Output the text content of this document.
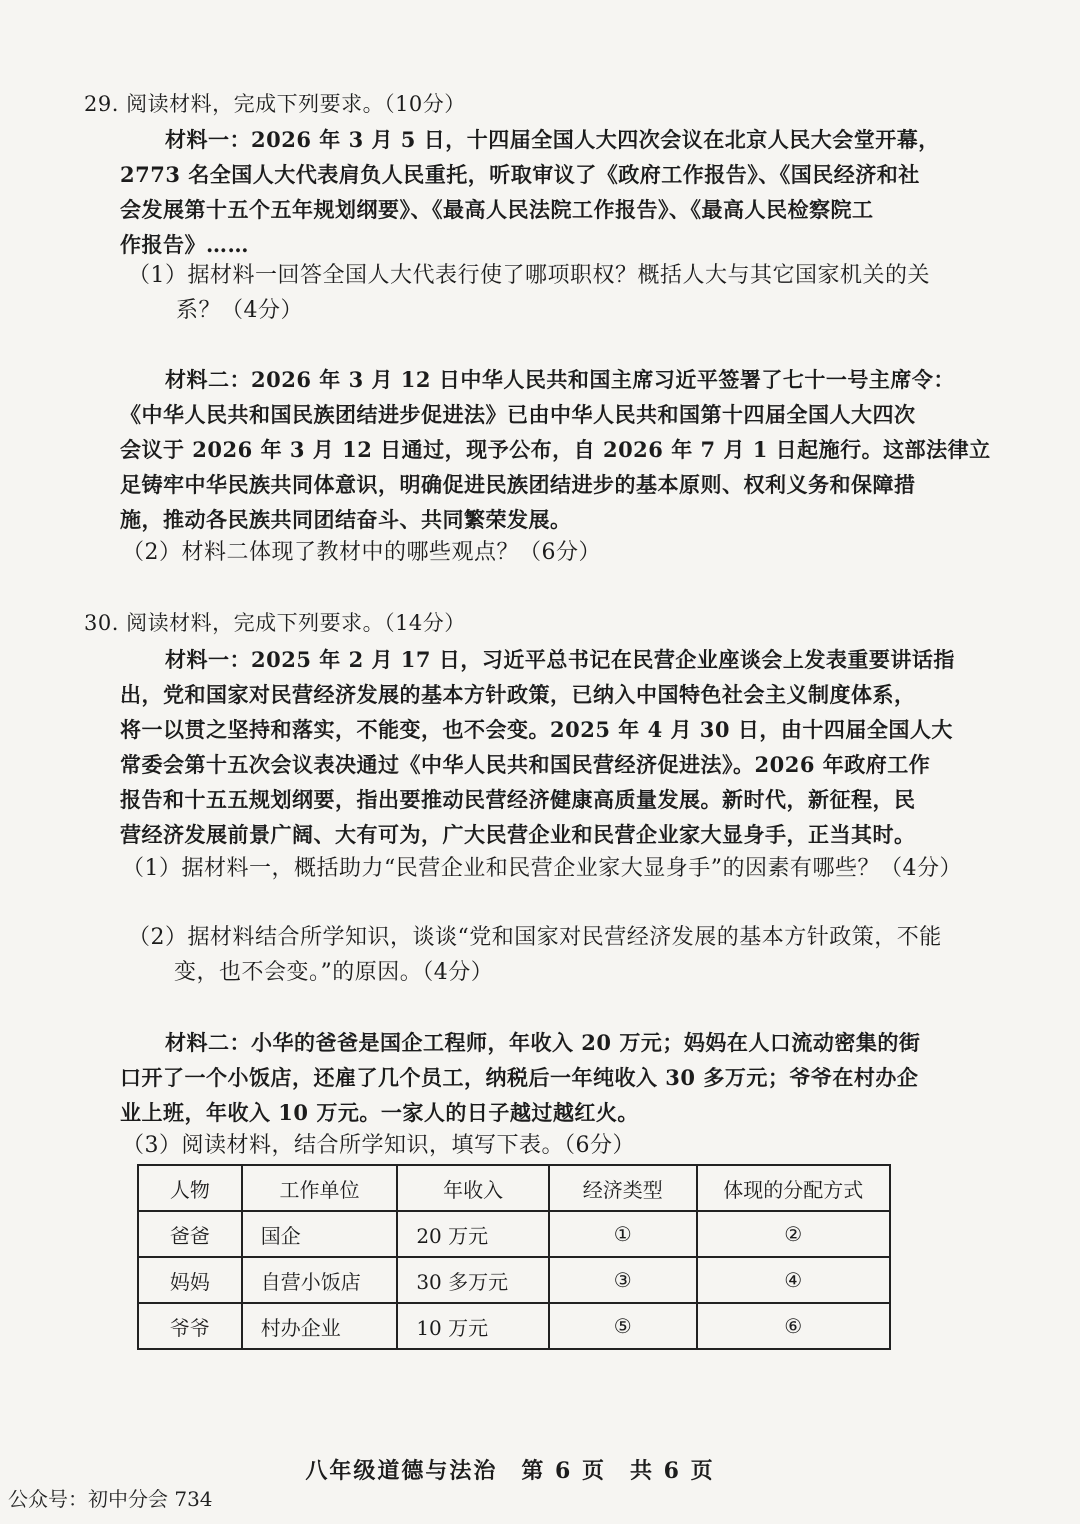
29. 阅读材料，完成下列要求。（10分）
材料一：2026 年 3 月 5 日，十四届全国人大四次会议在北京人民大会堂开幕，
2773 名全国人大代表肩负人民重托，听取审议了《政府工作报告》、《国民经济和社
会发展第十五个五年规划纲要》、《最高人民法院工作报告》、《最高人民检察院工
作报告》……
（1）据材料一回答全国人大代表行使了哪项职权？概括人大与其它国家机关的关
系？（4分）
材料二：2026 年 3 月 12 日中华人民共和国主席习近平签署了七十一号主席令：
《中华人民共和国民族团结进步促进法》已由中华人民共和国第十四届全国人大四次
会议于 2026 年 3 月 12 日通过，现予公布，自 2026 年 7 月 1 日起施行。这部法律立
足铸牢中华民族共同体意识，明确促进民族团结进步的基本原则、权利义务和保障措
施，推动各民族共同团结奋斗、共同繁荣发展。
（2）材料二体现了教材中的哪些观点？（6分）
30. 阅读材料，完成下列要求。（14分）
材料一：2025 年 2 月 17 日，习近平总书记在民营企业座谈会上发表重要讲话指
出，党和国家对民营经济发展的基本方针政策，已纳入中国特色社会主义制度体系，
将一以贯之坚持和落实，不能变，也不会变。2025 年 4 月 30 日，由十四届全国人大
常委会第十五次会议表决通过《中华人民共和国民营经济促进法》。2026 年政府工作
报告和十五五规划纲要，指出要推动民营经济健康高质量发展。新时代，新征程，民
营经济发展前景广阔、大有可为，广大民营企业和民营企业家大显身手，正当其时。
（1）据材料一，概括助力“民营企业和民营企业家大显身手”的因素有哪些？（4分）
（2）据材料结合所学知识，谈谈“党和国家对民营经济发展的基本方针政策，不能
变，也不会变。”的原因。（4分）
材料二：小华的爸爸是国企工程师，年收入 20 万元；妈妈在人口流动密集的街
口开了一个小饭店，还雇了几个员工，纳税后一年纯收入 30 多万元；爷爷在村办企
业上班，年收入 10 万元。一家人的日子越过越红火。
（3）阅读材料，结合所学知识，填写下表。（6分）
人物	工作单位	年收入	经济类型	体现的分配方式
爸爸	国企	20 万元	①	②
妈妈	自营小饭店	30 多万元	③	④
爷爷	村办企业	10 万元	⑤	⑥
八年级道德与法治　第 6 页　共 6 页
公众号：初中分会 734
